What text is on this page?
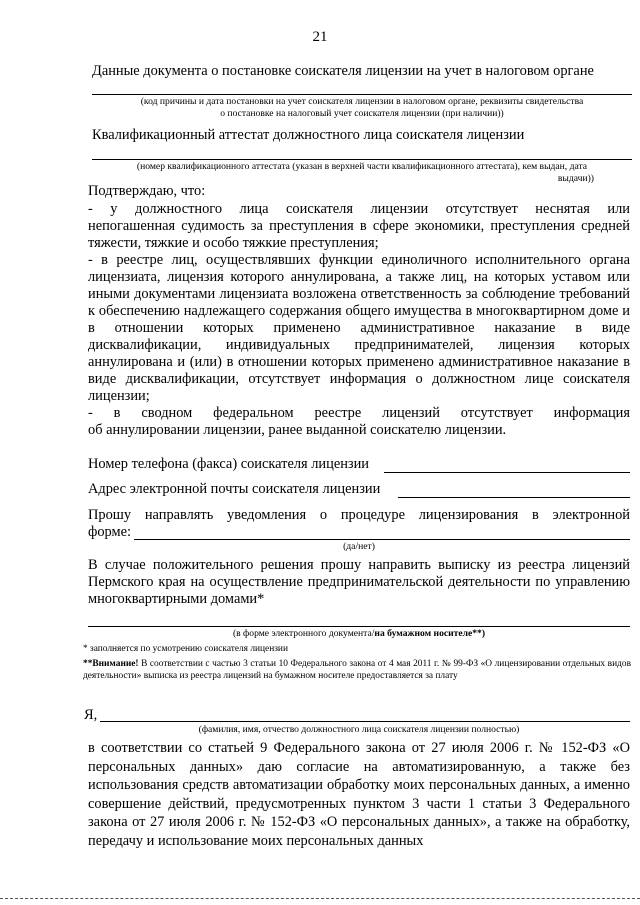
21
Данные документа о постановке соискателя лицензии на учет в налоговом органе
(код причины и дата постановки на учет соискателя лицензии в налоговом органе, реквизиты свидетельства
о постановке на налоговый учет соискателя лицензии (при наличии))
Квалификационный аттестат должностного лица соискателя лицензии
(номер квалификационного аттестата (указан в верхней части квалификационного аттестата), кем выдан, дата
выдачи))
Подтверждаю, что:

- у должностного лица соискателя лицензии отсутствует неснятая или

непогашенная судимость за преступления в сфере экономики, преступления средней тяжести, тяжкие и особо тяжкие преступления;

- в реестре лиц, осуществлявших функции единоличного исполнительного органа

лицензиата, лицензия которого аннулирована, а также лиц, на которых уставом или иными документами лицензиата возложена ответственность за соблюдение требований к обеспечению надлежащего содержания общего имущества в многоквартирном доме и в отношении которых применено административное наказание в виде дисквалификации, индивидуальных предпринимателей, лицензия которых аннулирована и (или) в отношении которых применено административное наказание в виде дисквалификации, отсутствует информация о должностном лице соискателя лицензии;

- в сводном федеральном реестре лицензий отсутствует информация

об аннулировании лицензии, ранее выданной соискателю лицензии.

Номер телефона (факса) соискателя лицензии
Адрес электронной почты соискателя лицензии

Прошу направлять уведомления о процедуре лицензирования в электронной

форме:

(да/нет)
В случае положительного решения прошу направить выписку из реестра лицензий Пермского края на осуществление предпринимательской деятельности по управлению многоквартирными домами*
(в форме электронного документа/на бумажном носителе**)
* заполняется по усмотрению соискателя лицензии
**Внимание! В соответствии с частью 3 статьи 10 Федерального закона от 4 мая 2011 г. № 99-ФЗ «О лицензировании отдельных видов деятельности» выписка из реестра лицензий на бумажном носителе предоставляется за плату
Я,
(фамилия, имя, отчество должностного лица соискателя лицензии полностью)
в соответствии со статьей 9 Федерального закона от 27 июля 2006 г. № 152-ФЗ «О персональных данных» даю согласие на автоматизированную, а также без использования средств автоматизации обработку моих персональных данных, а именно совершение действий, предусмотренных пунктом 3 части 1 статьи 3 Федерального закона от 27 июля 2006 г. № 152-ФЗ «О персональных данных», а также на обработку, передачу и использование моих персональных данных
